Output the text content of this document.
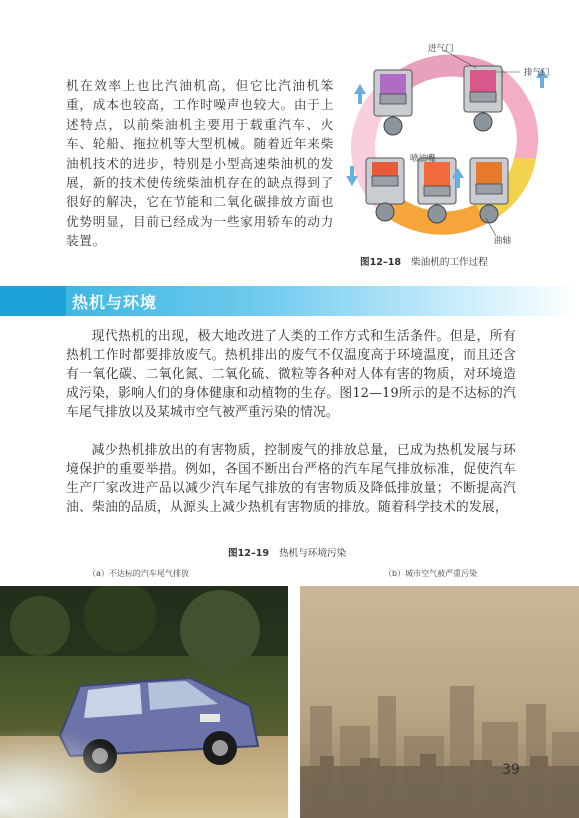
机在效率上也比汽油机高，但它比汽油机笨重，成本也较高，工作时噪声也较大。由于上述特点，以前柴油机主要用于载重汽车、火车、轮船、拖拉机等大型机械。随着近年来柴油机技术的进步，特别是小型高速柴油机的发展，新的技术使传统柴油机存在的缺点得到了很好的解决，它在节能和二氧化碳排放方面也优势明显，目前已经成为一些家用轿车的动力装置。
进气门
排气门
喷油嘴
曲轴
图12–18 柴油机的工作过程
热机与环境
现代热机的出现，极大地改进了人类的工作方式和生活条件。但是，所有热机工作时都要排放废气。热机排出的废气不仅温度高于环境温度，而且还含有一氧化碳、二氧化氮、二氧化硫、微粒等各种对人体有害的物质，对环境造成污染，影响人们的身体健康和动植物的生存。图12—19所示的是不达标的汽车尾气排放以及某城市空气被严重污染的情况。
减少热机排放出的有害物质，控制废气的排放总量，已成为热机发展与环境保护的重要举措。例如，各国不断出台严格的汽车尾气排放标准，促使汽车生产厂家改进产品以减少汽车尾气排放的有害物质及降低排放量；不断提高汽油、柴油的品质，从源头上减少热机有害物质的排放。随着科学技术的发展，
图12–19 热机与环境污染
（a）不达标的汽车尾气排放	（b）城市空气被严重污染
39
